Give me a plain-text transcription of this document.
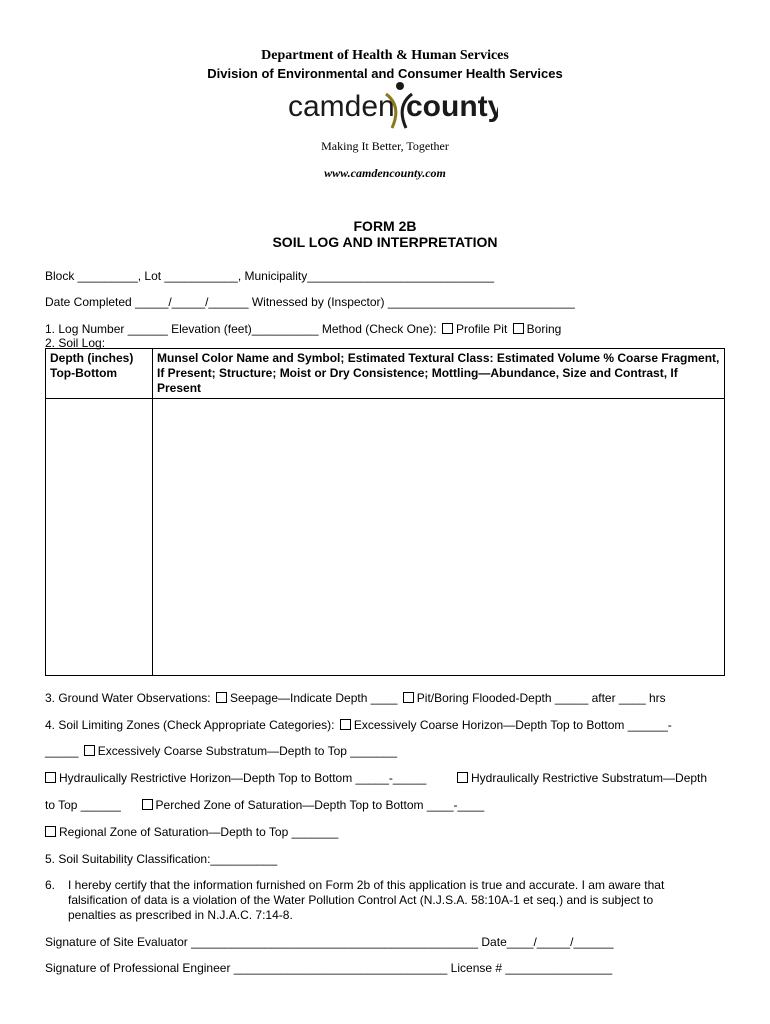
Department of Health & Human Services
Division of Environmental and Consumer Health Services
camden county
Making It Better, Together
www.camdencounty.com
FORM 2B
SOIL LOG AND INTERPRETATION
Block _________, Lot ___________, Municipality____________________________
Date Completed _____/_____/______ Witnessed by (Inspector) ____________________________
1. Log Number ______ Elevation (feet)__________ Method (Check One): Profile Pit Boring
2. Soil Log:
Depth (inches)
Top-Bottom	Munsel Color Name and Symbol; Estimated Textural Class: Estimated Volume % Coarse Fragment, If Present; Structure; Moist or Dry Consistence; Mottling—Abundance, Size and Contrast, If Present

3. Ground Water Observations: Seepage—Indicate Depth ____ Pit/Boring Flooded-Depth _____ after ____ hrs
4. Soil Limiting Zones (Check Appropriate Categories): Excessively Coarse Horizon—Depth Top to Bottom ______-
_____ Excessively Coarse Substratum—Depth to Top _______
Hydraulically Restrictive Horizon—Depth Top to Bottom _____-_____	Hydraulically Restrictive Substratum—Depth
to Top ______	Perched Zone of Saturation—Depth Top to Bottom ____-____
Regional Zone of Saturation—Depth to Top _______
5. Soil Suitability Classification:__________
6. I hereby certify that the information furnished on Form 2b of this application is true and accurate. I am aware that
falsification of data is a violation of the Water Pollution Control Act (N.J.S.A. 58:10A-1 et seq.) and is subject to
penalties as prescribed in N.J.A.C. 7:14-8.
Signature of Site Evaluator ___________________________________________ Date____/_____/______
Signature of Professional Engineer ________________________________ License # ________________
